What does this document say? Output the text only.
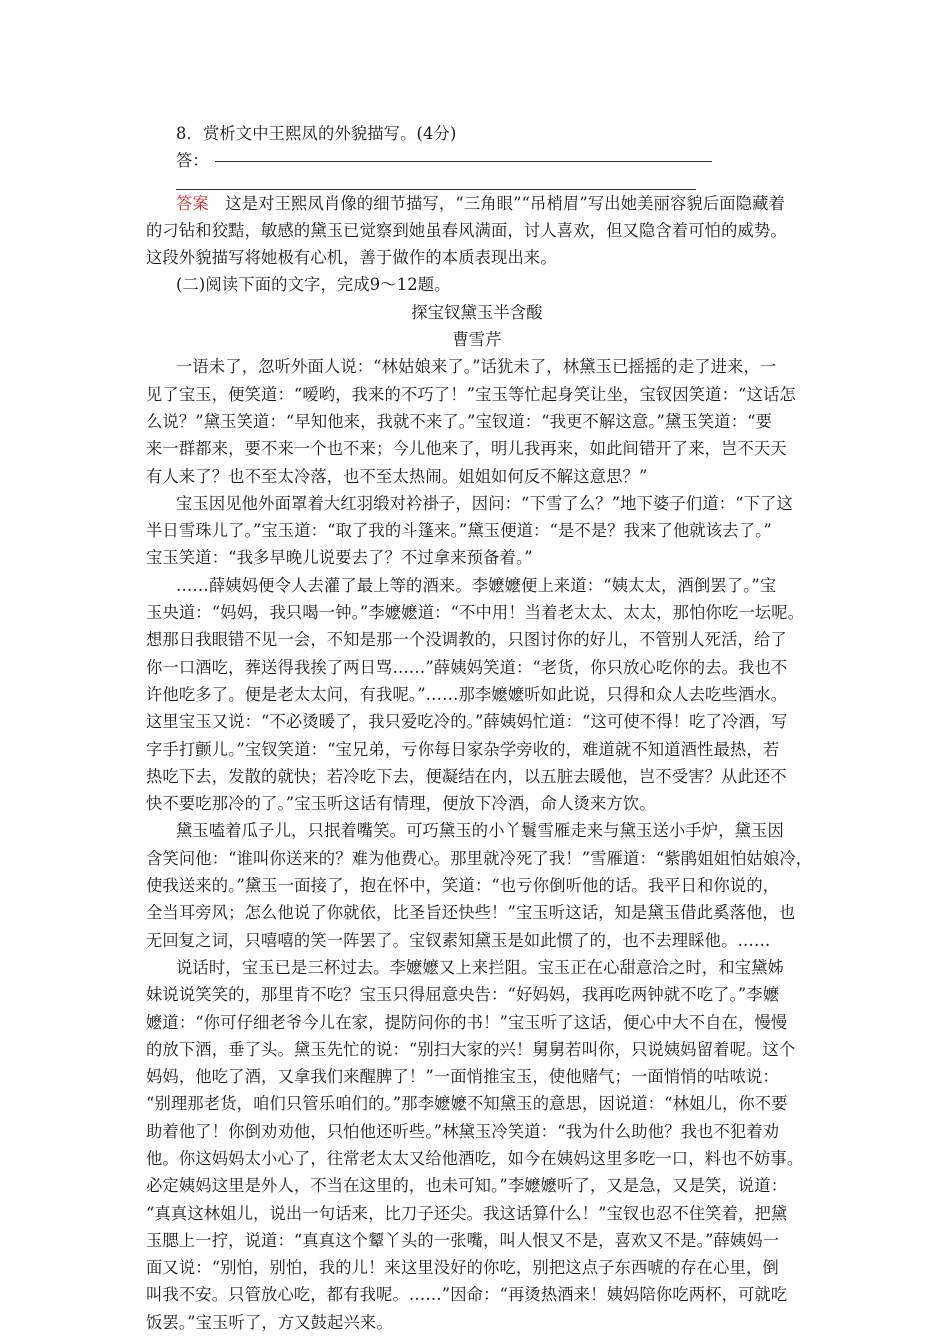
8．赏析文中王熙凤的外貌描写。(4分)
答：
答案　这是对王熙凤肖像的细节描写，“三角眼”“吊梢眉”写出她美丽容貌后面隐藏着
的刁钻和狡黠，敏感的黛玉已觉察到她虽春风满面，讨人喜欢，但又隐含着可怕的威势。
这段外貌描写将她极有心机，善于做作的本质表现出来。
(二)阅读下面的文字，完成9～12题。
探宝钗黛玉半含酸
曹雪芹
一语未了，忽听外面人说：“林姑娘来了。”话犹未了，林黛玉已摇摇的走了进来，一
见了宝玉，便笑道：“嗳哟，我来的不巧了！”宝玉等忙起身笑让坐，宝钗因笑道：“这话怎
么说？”黛玉笑道：“早知他来，我就不来了。”宝钗道：“我更不解这意。”黛玉笑道：“要
来一群都来，要不来一个也不来；今儿他来了，明儿我再来，如此间错开了来，岂不天天
有人来了？也不至太冷落，也不至太热闹。姐姐如何反不解这意思？”
宝玉因见他外面罩着大红羽缎对衿褂子，因问：“下雪了么？”地下婆子们道：“下了这
半日雪珠儿了。”宝玉道：“取了我的斗篷来。”黛玉便道：“是不是？我来了他就该去了。”
宝玉笑道：“我多早晚儿说要去了？不过拿来预备着。”
……薛姨妈便令人去灌了最上等的酒来。李嬷嬷便上来道：“姨太太，酒倒罢了。”宝
玉央道：“妈妈，我只喝一钟。”李嬷嬷道：“不中用！当着老太太、太太，那怕你吃一坛呢。
想那日我眼错不见一会，不知是那一个没调教的，只图讨你的好儿，不管别人死活，给了
你一口酒吃，葬送得我挨了两日骂……”薛姨妈笑道：“老货，你只放心吃你的去。我也不
许他吃多了。便是老太太问，有我呢。”……那李嬷嬷听如此说，只得和众人去吃些酒水。
这里宝玉又说：“不必烫暖了，我只爱吃冷的。”薛姨妈忙道：“这可使不得！吃了冷酒，写
字手打颤儿。”宝钗笑道：“宝兄弟，亏你每日家杂学旁收的，难道就不知道酒性最热，若
热吃下去，发散的就快；若冷吃下去，便凝结在内，以五脏去暖他，岂不受害？从此还不
快不要吃那冷的了。”宝玉听这话有情理，便放下冷酒，命人烫来方饮。
黛玉嗑着瓜子儿，只抿着嘴笑。可巧黛玉的小丫鬟雪雁走来与黛玉送小手炉，黛玉因
含笑问他：“谁叫你送来的？难为他费心。那里就冷死了我！”雪雁道：“紫鹃姐姐怕姑娘冷，
使我送来的。”黛玉一面接了，抱在怀中，笑道：“也亏你倒听他的话。我平日和你说的，
全当耳旁风；怎么他说了你就依，比圣旨还快些！”宝玉听这话，知是黛玉借此奚落他，也
无回复之词，只嘻嘻的笑一阵罢了。宝钗素知黛玉是如此惯了的，也不去理睬他。……
说话时，宝玉已是三杯过去。李嬷嬷又上来拦阻。宝玉正在心甜意洽之时，和宝黛姊
妹说说笑笑的，那里肯不吃？宝玉只得屈意央告：“好妈妈，我再吃两钟就不吃了。”李嬷
嬷道：“你可仔细老爷今儿在家，提防问你的书！”宝玉听了这话，便心中大不自在，慢慢
的放下酒，垂了头。黛玉先忙的说：“别扫大家的兴！舅舅若叫你，只说姨妈留着呢。这个
妈妈，他吃了酒，又拿我们来醒脾了！”一面悄推宝玉，使他赌气；一面悄悄的咕哝说：
“别理那老货，咱们只管乐咱们的。”那李嬷嬷不知黛玉的意思，因说道：“林姐儿，你不要
助着他了！你倒劝劝他，只怕他还听些。”林黛玉冷笑道：“我为什么助他？我也不犯着劝
他。你这妈妈太小心了，往常老太太又给他酒吃，如今在姨妈这里多吃一口，料也不妨事。
必定姨妈这里是外人，不当在这里的，也未可知。”李嬷嬷听了，又是急，又是笑，说道：
“真真这林姐儿，说出一句话来，比刀子还尖。我这话算什么！”宝钗也忍不住笑着，把黛
玉腮上一拧，说道：“真真这个颦丫头的一张嘴，叫人恨又不是，喜欢又不是。”薛姨妈一
面又说：“别怕，别怕，我的儿！来这里没好的你吃，别把这点子东西唬的存在心里，倒
叫我不安。只管放心吃，都有我呢。……”因命：“再烫热酒来！姨妈陪你吃两杯，可就吃
饭罢。”宝玉听了，方又鼓起兴来。
